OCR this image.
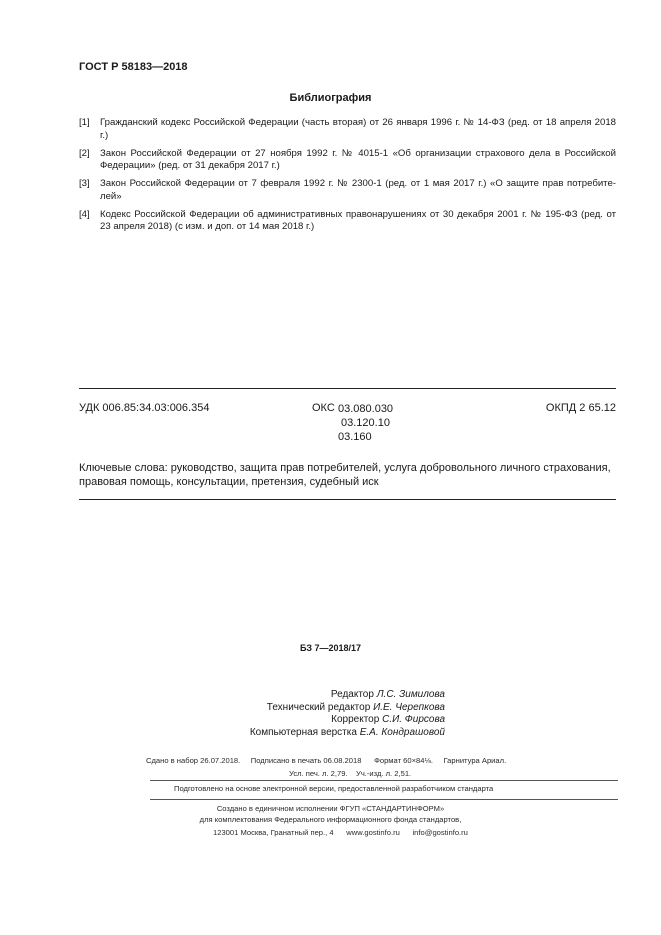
ГОСТ Р 58183—2018
Библиография
[1]	Гражданский кодекс Российской Федерации (часть вторая) от 26 января 1996 г. № 14-ФЗ (ред. от 18 апреля 2018 г.)
[2]	Закон Российской Федерации от 27 ноября 1992 г. № 4015-1 «Об организации страхового дела в Российской Федерации» (ред. от 31 декабря 2017 г.)
[3]	Закон Российской Федерации от 7 февраля 1992 г. № 2300-1 (ред. от 1 мая 2017 г.) «О защите прав потребите-лей»
[4]	Кодекс Российской Федерации об административных правонарушениях от 30 декабря 2001 г. № 195-ФЗ (ред. от 23 апреля 2018) (с изм. и доп. от 14 мая 2018 г.)
УДК 006.85:34.03:006.354	ОКС 03.080.030
03.120.10
03.160
ОКПД 2 65.12
Ключевые слова: руководство, защита прав потребителей, услуга добровольного личного страхования, правовая помощь, консультации, претензия, судебный иск
БЗ 7—2018/17
Редактор Л.С. Зимилова
Технический редактор И.Е. Черепкова
Корректор С.И. Фирсова
Компьютерная верстка Е.А. Кондрашовой
Сдано в набор 26.07.2018.     Подписано в печать 06.08.2018      Формат 60×84⅛.     Гарнитура Ариал.
Усл. печ. л. 2,79.    Уч.-изд. л. 2,51.
Подготовлено на основе электронной версии, предоставленной разработчиком стандарта
Создано в единичном исполнении ФГУП «СТАНДАРТИНФОРМ»
для комплектования Федерального информационного фонда стандартов,
123001 Москва, Гранатный пер., 4      www.gostinfo.ru      info@gostinfo.ru
